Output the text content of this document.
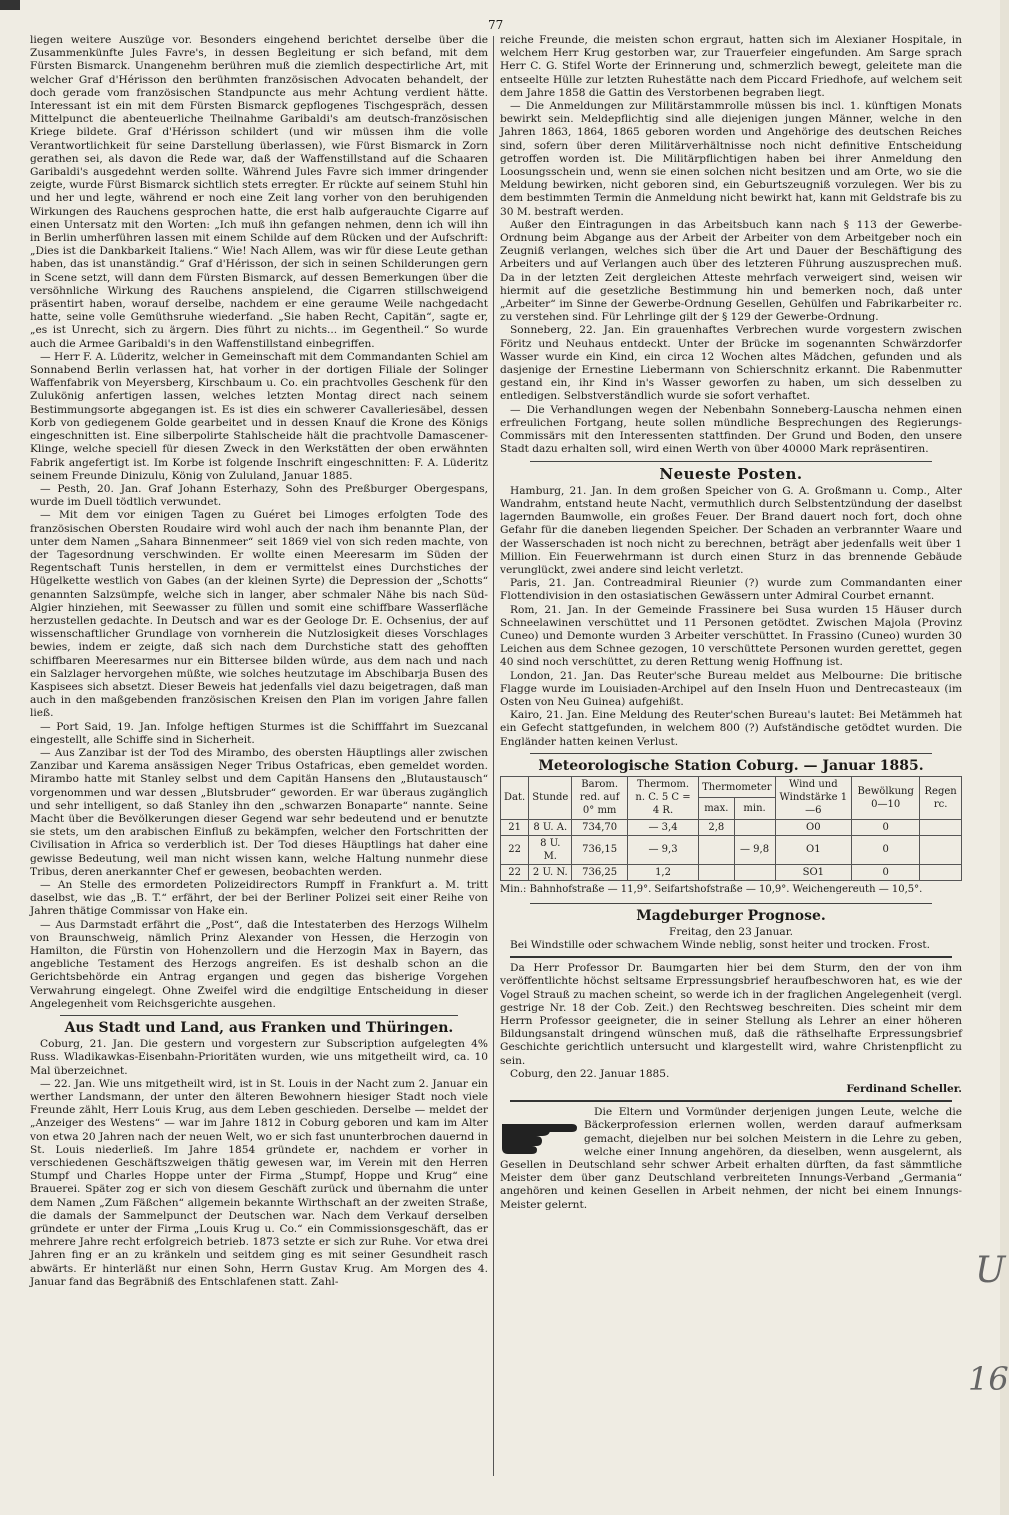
77

liegen weitere Auszüge vor. Besonders eingehend berichtet derselbe über die Zusammenkünfte Jules Favre's, in dessen Begleitung er sich befand, mit dem Fürsten Bismarck. Unangenehm berühren muß die ziemlich despectirliche Art, mit welcher Graf d'Hérisson den berühmten französischen Advocaten behandelt, der doch gerade vom französischen Standpuncte aus mehr Achtung verdient hätte. Interessant ist ein mit dem Fürsten Bismarck gepflogenes Tischgespräch, dessen Mittelpunct die abenteuerliche Theilnahme Garibaldi's am deutsch-französischen Kriege bildete. Graf d'Hérisson schildert (und wir müssen ihm die volle Verantwortlichkeit für seine Darstellung überlassen), wie Fürst Bismarck in Zorn gerathen sei, als davon die Rede war, daß der Waffenstillstand auf die Schaaren Garibaldi's ausgedehnt werden sollte. Während Jules Favre sich immer dringender zeigte, wurde Fürst Bismarck sichtlich stets erregter. Er rückte auf seinem Stuhl hin und her und legte, während er noch eine Zeit lang vorher von den beruhigenden Wirkungen des Rauchens gesprochen hatte, die erst halb aufgerauchte Cigarre auf einen Untersatz mit den Worten: „Ich muß ihn gefangen nehmen, denn ich will ihn in Berlin umherführen lassen mit einem Schilde auf dem Rücken und der Aufschrift: „Dies ist die Dankbarkeit Italiens.“ Wie! Nach Allem, was wir für diese Leute gethan haben, das ist unanständig.“ Graf d'Hérisson, der sich in seinen Schilderungen gern in Scene setzt, will dann dem Fürsten Bismarck, auf dessen Bemerkungen über die versöhnliche Wirkung des Rauchens anspielend, die Cigarren stillschweigend präsentirt haben, worauf derselbe, nachdem er eine geraume Weile nachgedacht hatte, seine volle Gemüthsruhe wiederfand. „Sie haben Recht, Capitän“, sagte er, „es ist Unrecht, sich zu ärgern. Dies führt zu nichts... im Gegentheil.“ So wurde auch die Armee Garibaldi's in den Waffenstillstand einbegriffen.

— Herr F. A. Lüderitz, welcher in Gemeinschaft mit dem Commandanten Schiel am Sonnabend Berlin verlassen hat, hat vorher in der dortigen Filiale der Solinger Waffenfabrik von Meyersberg, Kirschbaum u. Co. ein prachtvolles Geschenk für den Zulukönig anfertigen lassen, welches letzten Montag direct nach seinem Bestimmungsorte abgegangen ist. Es ist dies ein schwerer Cavalleriesäbel, dessen Korb von gediegenem Golde gearbeitet und in dessen Knauf die Krone des Königs eingeschnitten ist. Eine silberpolirte Stahlscheide hält die prachtvolle Damascener-Klinge, welche speciell für diesen Zweck in den Werkstätten der oben erwähnten Fabrik angefertigt ist. Im Korbe ist folgende Inschrift eingeschnitten: F. A. Lüderitz seinem Freunde Dinizulu, König von Zululand, Januar 1885.

— Pesth, 20. Jan. Graf Johann Esterhazy, Sohn des Preßburger Obergespans, wurde im Duell tödtlich verwundet.

— Mit dem vor einigen Tagen zu Guéret bei Limoges erfolgten Tode des französischen Obersten Roudaire wird wohl auch der nach ihm benannte Plan, der unter dem Namen „Sahara Binnenmeer“ seit 1869 viel von sich reden machte, von der Tagesordnung verschwinden. Er wollte einen Meeresarm im Süden der Regentschaft Tunis herstellen, in dem er vermittelst eines Durchstiches der Hügelkette westlich von Gabes (an der kleinen Syrte) die Depression der „Schotts“ genannten Salzsümpfe, welche sich in langer, aber schmaler Nähe bis nach Süd-Algier hinziehen, mit Seewasser zu füllen und somit eine schiffbare Wasserfläche herzustellen gedachte. In Deutsch and war es der Geologe Dr. E. Ochsenius, der auf wissenschaftlicher Grundlage von vornherein die Nutzlosigkeit dieses Vorschlages bewies, indem er zeigte, daß sich nach dem Durchstiche statt des gehofften schiffbaren Meeresarmes nur ein Bittersee bilden würde, aus dem nach und nach ein Salzlager hervorgehen müßte, wie solches heutzutage im Abschibarja Busen des Kaspisees sich absetzt. Dieser Beweis hat jedenfalls viel dazu beigetragen, daß man auch in den maßgebenden französischen Kreisen den Plan im vorigen Jahre fallen ließ.

— Port Said, 19. Jan. Infolge heftigen Sturmes ist die Schifffahrt im Suezcanal eingestellt, alle Schiffe sind in Sicherheit.

— Aus Zanzibar ist der Tod des Mirambo, des obersten Häuptlings aller zwischen Zanzibar und Karema ansässigen Neger Tribus Ostafricas, eben gemeldet worden. Mirambo hatte mit Stanley selbst und dem Capitän Hansens den „Blutaustausch“ vorgenommen und war dessen „Blutsbruder“ geworden. Er war überaus zugänglich und sehr intelligent, so daß Stanley ihn den „schwarzen Bonaparte“ nannte. Seine Macht über die Bevölkerungen dieser Gegend war sehr bedeutend und er benutzte sie stets, um den arabischen Einfluß zu bekämpfen, welcher den Fortschritten der Civilisation in Africa so verderblich ist. Der Tod dieses Häuptlings hat daher eine gewisse Bedeutung, weil man nicht wissen kann, welche Haltung nunmehr diese Tribus, deren anerkannter Chef er gewesen, beobachten werden.

— An Stelle des ermordeten Polizeidirectors Rumpff in Frankfurt a. M. tritt daselbst, wie das „B. T.“ erfährt, der bei der Berliner Polizei seit einer Reihe von Jahren thätige Commissar von Hake ein.

— Aus Darmstadt erfährt die „Post“, daß die Intestaterben des Herzogs Wilhelm von Braunschweig, nämlich Prinz Alexander von Hessen, die Herzogin von Hamilton, die Fürstin von Hohenzollern und die Herzogin Max in Bayern, das angebliche Testament des Herzogs angreifen. Es ist deshalb schon an die Gerichtsbehörde ein Antrag ergangen und gegen das bisherige Vorgehen Verwahrung eingelegt. Ohne Zweifel wird die endgiltige Entscheidung in dieser Angelegenheit vom Reichsgerichte ausgehen.

Aus Stadt und Land, aus Franken und Thüringen.

Coburg, 21. Jan. Die gestern und vorgestern zur Subscription aufgelegten 4% Russ. Wladikawkas-Eisenbahn-Prioritäten wurden, wie uns mitgetheilt wird, ca. 10 Mal überzeichnet.

— 22. Jan. Wie uns mitgetheilt wird, ist in St. Louis in der Nacht zum 2. Januar ein werther Landsmann, der unter den älteren Bewohnern hiesiger Stadt noch viele Freunde zählt, Herr Louis Krug, aus dem Leben geschieden. Derselbe — meldet der „Anzeiger des Westens“ — war im Jahre 1812 in Coburg geboren und kam im Alter von etwa 20 Jahren nach der neuen Welt, wo er sich fast ununterbrochen dauernd in St. Louis niederließ. Im Jahre 1854 gründete er, nachdem er vorher in verschiedenen Geschäftszweigen thätig gewesen war, im Verein mit den Herren Stumpf und Charles Hoppe unter der Firma „Stumpf, Hoppe und Krug“ eine Brauerei. Später zog er sich von diesem Geschäft zurück und übernahm die unter dem Namen „Zum Fäßchen“ allgemein bekannte Wirthschaft an der zweiten Straße, die damals der Sammelpunct der Deutschen war. Nach dem Verkauf derselben gründete er unter der Firma „Louis Krug u. Co.“ ein Commissionsgeschäft, das er mehrere Jahre recht erfolgreich betrieb. 1873 setzte er sich zur Ruhe. Vor etwa drei Jahren fing er an zu kränkeln und seitdem ging es mit seiner Gesundheit rasch abwärts. Er hinterläßt nur einen Sohn, Herrn Gustav Krug. Am Morgen des 4. Januar fand das Begräbniß des Entschlafenen statt. Zahl-

reiche Freunde, die meisten schon ergraut, hatten sich im Alexianer Hospitale, in welchem Herr Krug gestorben war, zur Trauerfeier eingefunden. Am Sarge sprach Herr C. G. Stifel Worte der Erinnerung und, schmerzlich bewegt, geleitete man die entseelte Hülle zur letzten Ruhestätte nach dem Piccard Friedhofe, auf welchem seit dem Jahre 1858 die Gattin des Verstorbenen begraben liegt.

— Die Anmeldungen zur Militärstammrolle müssen bis incl. 1. künftigen Monats bewirkt sein. Meldepflichtig sind alle diejenigen jungen Männer, welche in den Jahren 1863, 1864, 1865 geboren worden und Angehörige des deutschen Reiches sind, sofern über deren Militärverhältnisse noch nicht definitive Entscheidung getroffen worden ist. Die Militärpflichtigen haben bei ihrer Anmeldung den Loosungsschein und, wenn sie einen solchen nicht besitzen und am Orte, wo sie die Meldung bewirken, nicht geboren sind, ein Geburtszeugniß vorzulegen. Wer bis zu dem bestimmten Termin die Anmeldung nicht bewirkt hat, kann mit Geldstrafe bis zu 30 M. bestraft werden.

Außer den Eintragungen in das Arbeitsbuch kann nach § 113 der Gewerbe-Ordnung beim Abgange aus der Arbeit der Arbeiter von dem Arbeitgeber noch ein Zeugniß verlangen, welches sich über die Art und Dauer der Beschäftigung des Arbeiters und auf Verlangen auch über des letzteren Führung auszusprechen muß. Da in der letzten Zeit dergleichen Atteste mehrfach verweigert sind, weisen wir hiermit auf die gesetzliche Bestimmung hin und bemerken noch, daß unter „Arbeiter“ im Sinne der Gewerbe-Ordnung Gesellen, Gehülfen und Fabrikarbeiter rc. zu verstehen sind. Für Lehrlinge gilt der § 129 der Gewerbe-Ordnung.

Sonneberg, 22. Jan. Ein grauenhaftes Verbrechen wurde vorgestern zwischen Föritz und Neuhaus entdeckt. Unter der Brücke im sogenannten Schwärzdorfer Wasser wurde ein Kind, ein circa 12 Wochen altes Mädchen, gefunden und als dasjenige der Ernestine Liebermann von Schierschnitz erkannt. Die Rabenmutter gestand ein, ihr Kind in's Wasser geworfen zu haben, um sich desselben zu entledigen. Selbstverständlich wurde sie sofort verhaftet.

— Die Verhandlungen wegen der Nebenbahn Sonneberg-Lauscha nehmen einen erfreulichen Fortgang, heute sollen mündliche Besprechungen des Regierungs-Commissärs mit den Interessenten stattfinden. Der Grund und Boden, den unsere Stadt dazu erhalten soll, wird einen Werth von über 40000 Mark repräsentiren.

Neueste Posten.

Hamburg, 21. Jan. In dem großen Speicher von G. A. Großmann u. Comp., Alter Wandrahm, entstand heute Nacht, vermuthlich durch Selbstentzündung der daselbst lagernden Baumwolle, ein großes Feuer. Der Brand dauert noch fort, doch ohne Gefahr für die daneben liegenden Speicher. Der Schaden an verbrannter Waare und der Wasserschaden ist noch nicht zu berechnen, beträgt aber jedenfalls weit über 1 Million. Ein Feuerwehrmann ist durch einen Sturz in das brennende Gebäude verunglückt, zwei andere sind leicht verletzt.

Paris, 21. Jan. Contreadmiral Rieunier (?) wurde zum Commandanten einer Flottendivision in den ostasiatischen Gewässern unter Admiral Courbet ernannt.

Rom, 21. Jan. In der Gemeinde Frassinere bei Susa wurden 15 Häuser durch Schneelawinen verschüttet und 11 Personen getödtet. Zwischen Majola (Provinz Cuneo) und Demonte wurden 3 Arbeiter verschüttet. In Frassino (Cuneo) wurden 30 Leichen aus dem Schnee gezogen, 10 verschüttete Personen wurden gerettet, gegen 40 sind noch verschüttet, zu deren Rettung wenig Hoffnung ist.

London, 21. Jan. Das Reuter'sche Bureau meldet aus Melbourne: Die britische Flagge wurde im Louisiaden-Archipel auf den Inseln Huon und Dentrecasteaux (im Osten von Neu Guinea) aufgehißt.

Kairo, 21. Jan. Eine Meldung des Reuter'schen Bureau's lautet: Bei Metämmeh hat ein Gefecht stattgefunden, in welchem 800 (?) Aufständische getödtet wurden. Die Engländer hatten keinen Verlust.

Meteorologische Station Coburg. — Januar 1885.
Dat.	Stunde	Barom. red. auf 0° mm	Thermom. n. C. 5 C = 4 R.	Thermometer		Wind und Windstärke 1—6	Bewölkung 0—10	Regen rc.
				max.	min.			
21	8 U. A.	734,70	— 3,4	2,8		O0	0	
22	8 U. M.	736,15	— 9,3		— 9,8	O1	0	
22	2 U. N.	736,25	1,2			SO1	0	
Min.: Bahnhofstraße — 11,9°. Seifartshofstraße — 10,9°. Weichengereuth — 10,5°.
Magdeburger Prognose.

Freitag, den 23 Januar.

Bei Windstille oder schwachem Winde neblig, sonst heiter und trocken. Frost.

Da Herr Professor Dr. Baumgarten hier bei dem Sturm, den der von ihm veröffentlichte höchst seltsame Erpressungsbrief heraufbeschworen hat, es wie der Vogel Strauß zu machen scheint, so werde ich in der fraglichen Angelegenheit (vergl. gestrige Nr. 18 der Cob. Zeit.) den Rechtsweg beschreiten. Dies scheint mir dem Herrn Professor geeigneter, die in seiner Stellung als Lehrer an einer höheren Bildungsanstalt dringend wünschen muß, daß die räthselhafte Erpressungsbrief Geschichte gerichtlich untersucht und klargestellt wird, wahre Christenpflicht zu sein.

Coburg, den 22. Januar 1885.

Ferdinand Scheller.

Die Eltern und Vormünder derjenigen jungen Leute, welche die Bäckerprofession erlernen wollen, werden darauf aufmerksam gemacht, diejelben nur bei solchen Meistern in die Lehre zu geben, welche einer Innung angehören, da dieselben, wenn ausgelernt, als Gesellen in Deutschland sehr schwer Arbeit erhalten dürften, da fast sämmtliche Meister dem über ganz Deutschland verbreiteten Innungs-Verband „Germania“ angehören und keinen Gesellen in Arbeit nehmen, der nicht bei einem Innungs-Meister gelernt.

U
16
